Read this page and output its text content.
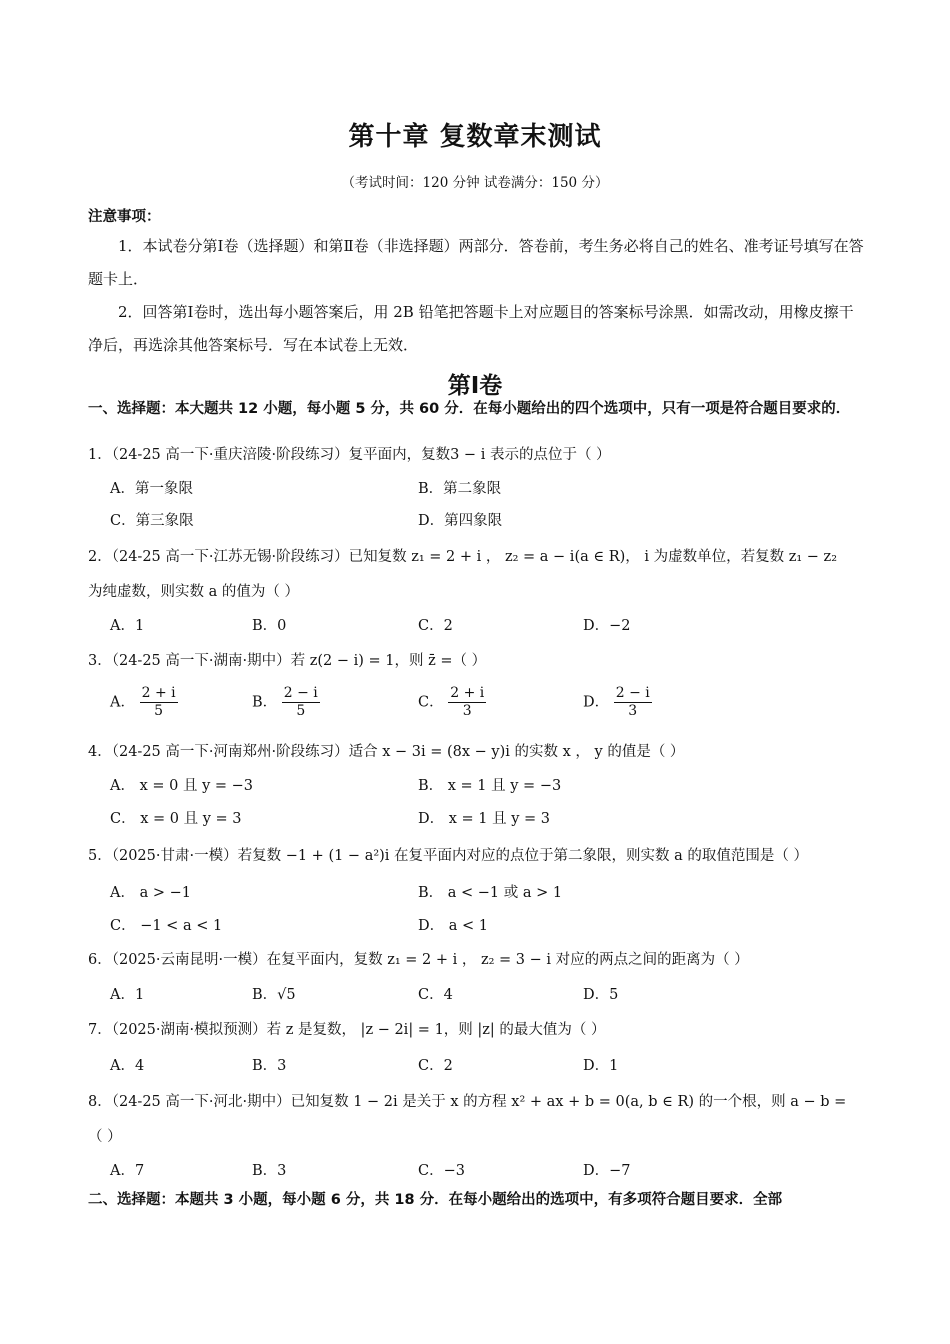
第十章 复数章末测试
（考试时间：120 分钟 试卷满分：150 分）
注意事项：
1．本试卷分第Ⅰ卷（选择题）和第Ⅱ卷（非选择题）两部分．答卷前，考生务必将自己的姓名、准考证号填写在答题卡上．
2．回答第Ⅰ卷时，选出每小题答案后，用 2B 铅笔把答题卡上对应题目的答案标号涂黑．如需改动，用橡皮擦干净后，再选涂其他答案标号．写在本试卷上无效．
第Ⅰ卷
一、选择题：本大题共 12 小题，每小题 5 分，共 60 分．在每小题给出的四个选项中，只有一项是符合题目要求的．
1．（24-25 高一下·重庆涪陵·阶段练习）复平面内，复数3 − i 表示的点位于（ ）
A．第一象限	B．第二象限
C．第三象限	D．第四象限
2．（24-25 高一下·江苏无锡·阶段练习）已知复数 z₁ = 2 + i ， z₂ = a − i(a ∈ R)， i 为虚数单位，若复数 z₁ − z₂
为纯虚数，则实数 a 的值为（ ）
A．1	B．0	C．2	D．−2
3．（24-25 高一下·湖南·期中）若 z(2 − i) = 1，则 z̄ =（ ）
A． $\frac{2 + i}{5}$	B． $\frac{2 - i}{5}$	C． $\frac{2 + i}{3}$	D． $\frac{2 - i}{3}$
4．（24-25 高一下·河南郑州·阶段练习）适合 x − 3i = (8x − y)i 的实数 x ， y 的值是（ ）
A． x = 0 且 y = −3	B． x = 1 且 y = −3
C． x = 0 且 y = 3	D． x = 1 且 y = 3
5．（2025·甘肃·一模）若复数 −1 + (1 − a²)i 在复平面内对应的点位于第二象限，则实数 a 的取值范围是（ ）
A． a > −1	B． a < −1 或 a > 1
C． −1 < a < 1	D． a < 1
6．（2025·云南昆明·一模）在复平面内，复数 z₁ = 2 + i ， z₂ = 3 − i 对应的两点之间的距离为（ ）
A．1	B．√5	C．4	D．5
7．（2025·湖南·模拟预测）若 z 是复数， |z − 2i| = 1，则 |z| 的最大值为（ ）
A．4	B．3	C．2	D．1
8．（24-25 高一下·河北·期中）已知复数 1 − 2i 是关于 x 的方程 x² + ax + b = 0(a, b ∈ R) 的一个根，则 a − b =
（ ）
A．7	B．3	C．−3	D．−7
二、选择题：本题共 3 小题，每小题 6 分，共 18 分．在每小题给出的选项中，有多项符合题目要求．全部
